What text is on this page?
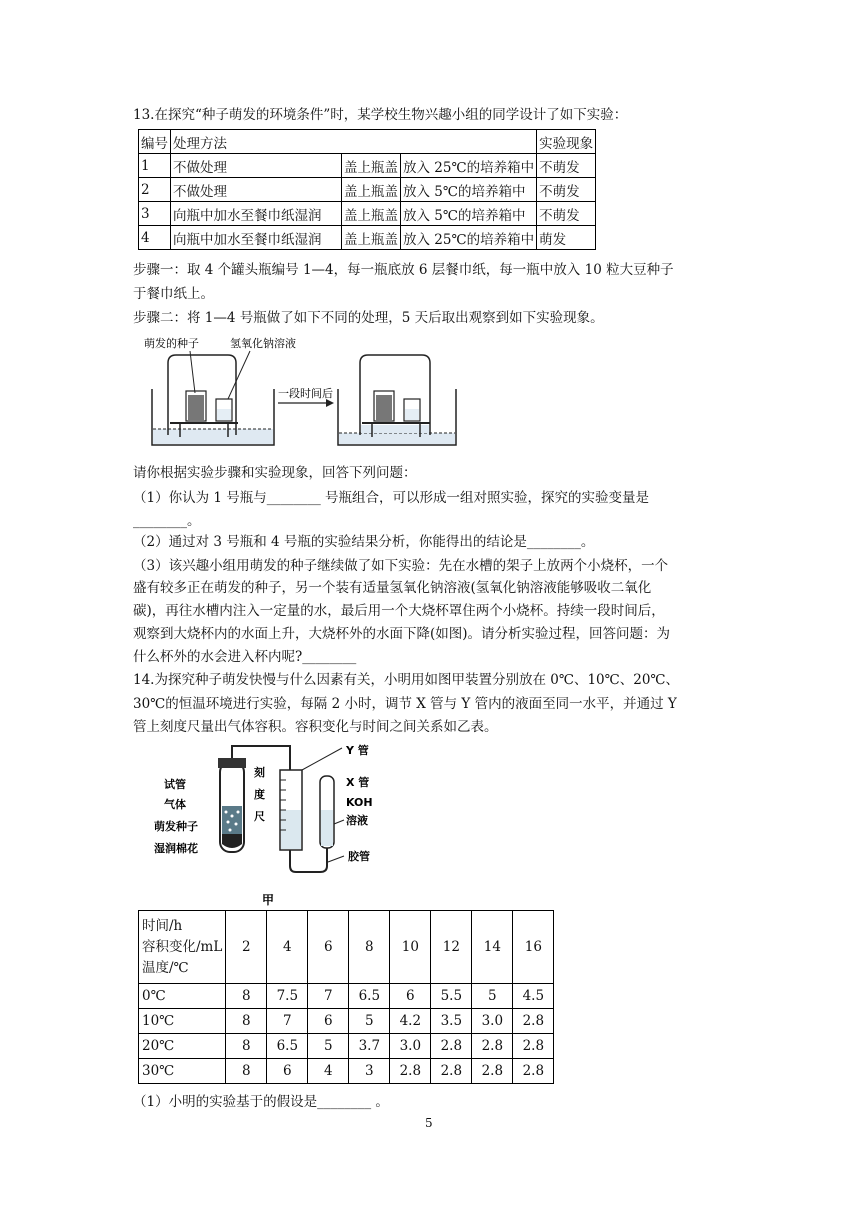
13.在探究“种子萌发的环境条件”时，某学校生物兴趣小组的同学设计了如下实验：
编号	处理方法			实验现象
1	不做处理	盖上瓶盖	放入 25℃的培养箱中	不萌发
2	不做处理	盖上瓶盖	放入 5℃的培养箱中	不萌发
3	向瓶中加水至餐巾纸湿润	盖上瓶盖	放入 5℃的培养箱中	不萌发
4	向瓶中加水至餐巾纸湿润	盖上瓶盖	放入 25℃的培养箱中	萌发
步骤一：取 4 个罐头瓶编号 1—4，每一瓶底放 6 层餐巾纸，每一瓶中放入 10 粒大豆种子
于餐巾纸上。
步骤二：将 1—4 号瓶做了如下不同的处理，5 天后取出观察到如下实验现象。
萌发的种子	氢氧化钠溶液
一段时间后
请你根据实验步骤和实验现象，回答下列问题：
（1）你认为 1 号瓶与________ 号瓶组合，可以形成一组对照实验，探究的实验变量是
________。
（2）通过对 3 号瓶和 4 号瓶的实验结果分析，你能得出的结论是________。
（3）该兴趣小组用萌发的种子继续做了如下实验：先在水槽的架子上放两个小烧杯，一个
盛有较多正在萌发的种子，另一个装有适量氢氧化钠溶液(氢氧化钠溶液能够吸收二氧化
碳)，再往水槽内注入一定量的水，最后用一个大烧杯罩住两个小烧杯。持续一段时间后，
观察到大烧杯内的水面上升，大烧杯外的水面下降(如图)。请分析实验过程，回答问题：为
什么杯外的水会进入杯内呢?________
14.为探究种子萌发快慢与什么因素有关，小明用如图甲装置分别放在 0℃、10℃、20℃、
30℃的恒温环境进行实验，每隔 2 小时，调节 X 管与 Y 管内的液面至同一水平，并通过 Y
管上刻度尺量出气体容积。容积变化与时间之间关系如乙表。
试管
气体
萌发种子
湿润棉花
刻
度
尺
Y 管
X 管
KOH
溶液
胶管
甲
时间/h
容积变化/mL
温度/℃	2	4	6	8	10	12	14	16
0℃	8	7.5	7	6.5	6	5.5	5	4.5
10℃	8	7	6	5	4.2	3.5	3.0	2.8
20℃	8	6.5	5	3.7	3.0	2.8	2.8	2.8
30℃	8	6	4	3	2.8	2.8	2.8	2.8
（1）小明的实验基于的假设是________ 。
5
